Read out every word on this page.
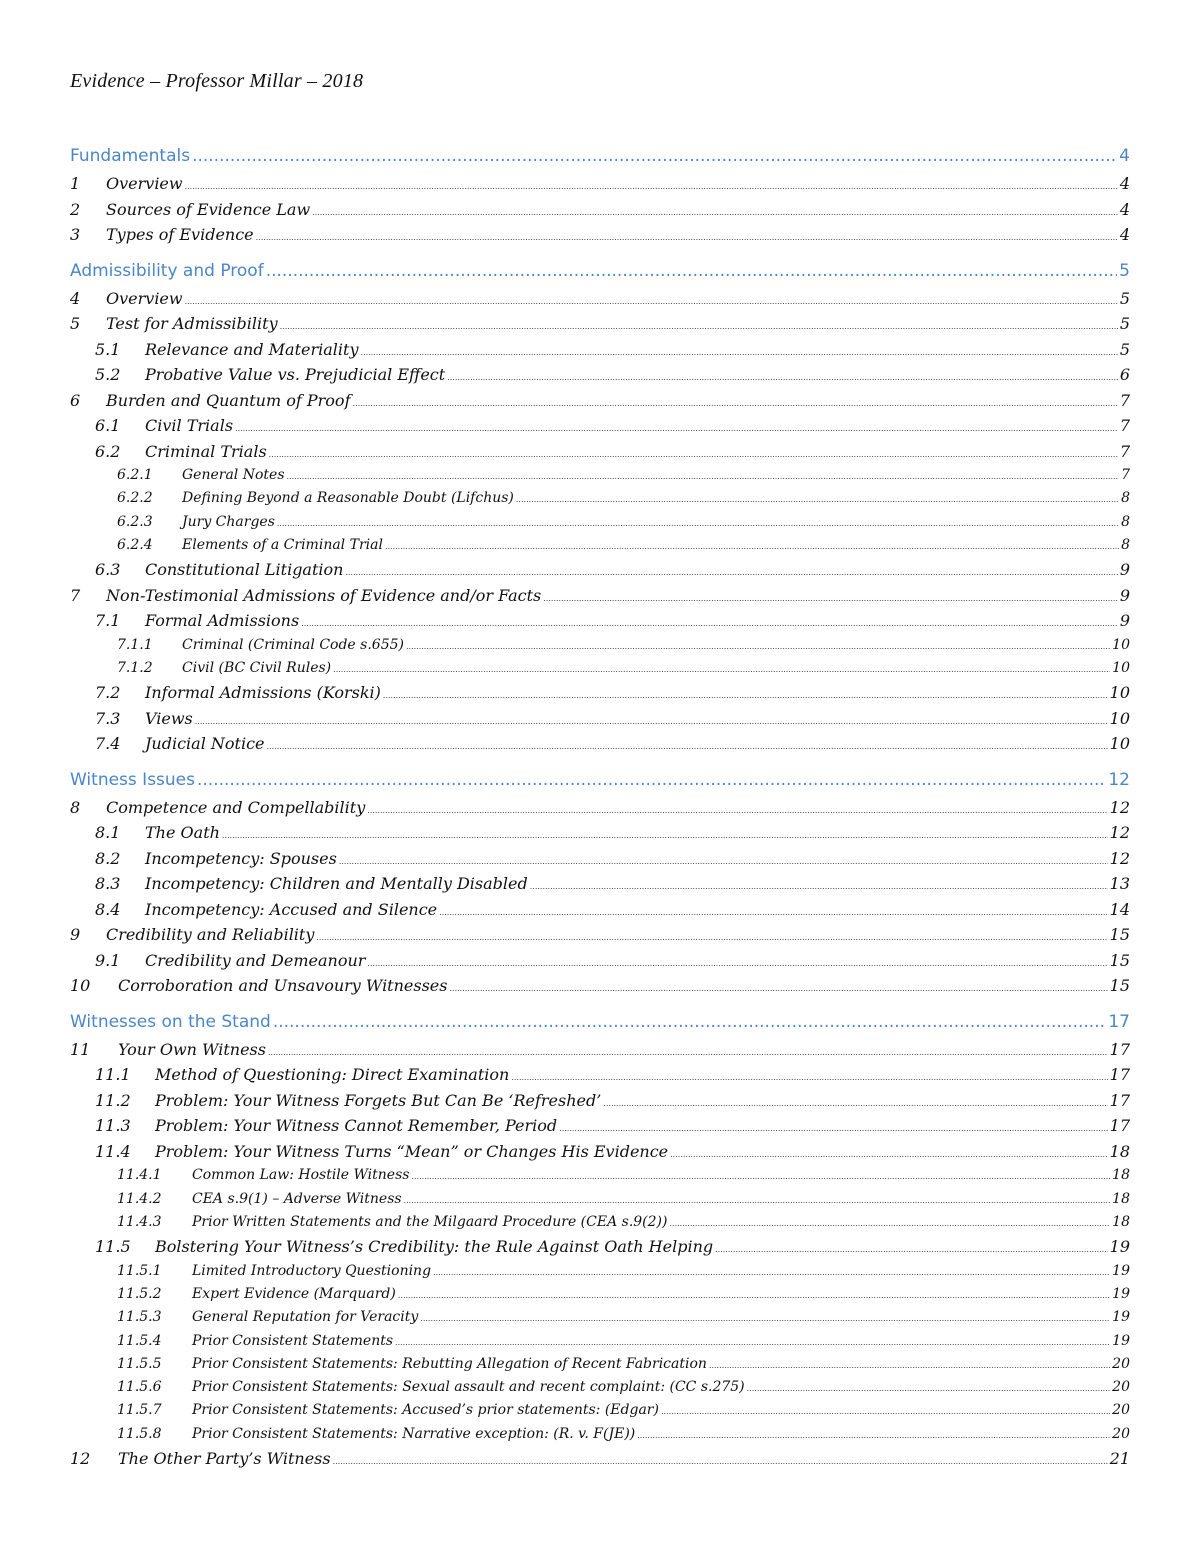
Evidence – Professor Millar – 2018
Fundamentals .....	4
1	Overview .....	4
2	Sources of Evidence Law .....	4
3	Types of Evidence .....	4
Admissibility and Proof .....	5
4	Overview .....	5
5	Test for Admissibility .....	5
5.1	Relevance and Materiality .....	5
5.2	Probative Value vs. Prejudicial Effect .....	6
6	Burden and Quantum of Proof .....	7
6.1	Civil Trials .....	7
6.2	Criminal Trials .....	7
6.2.1	General Notes .....	7
6.2.2	Defining Beyond a Reasonable Doubt (Lifchus) .....	8
6.2.3	Jury Charges .....	8
6.2.4	Elements of a Criminal Trial .....	8
6.3	Constitutional Litigation .....	9
7	Non-Testimonial Admissions of Evidence and/or Facts .....	9
7.1	Formal Admissions .....	9
7.1.1	Criminal (Criminal Code s.655) .....	10
7.1.2	Civil (BC Civil Rules) .....	10
7.2	Informal Admissions (Korski) .....	10
7.3	Views .....	10
7.4	Judicial Notice .....	10
Witness Issues .....	12
8	Competence and Compellability .....	12
8.1	The Oath .....	12
8.2	Incompetency: Spouses .....	12
8.3	Incompetency: Children and Mentally Disabled .....	13
8.4	Incompetency: Accused and Silence .....	14
9	Credibility and Reliability .....	15
9.1	Credibility and Demeanour .....	15
10	Corroboration and Unsavoury Witnesses .....	15
Witnesses on the Stand .....	17
11	Your Own Witness .....	17
11.1	Method of Questioning: Direct Examination .....	17
11.2	Problem: Your Witness Forgets But Can Be ‘Refreshed’ .....	17
11.3	Problem: Your Witness Cannot Remember, Period .....	17
11.4	Problem: Your Witness Turns “Mean” or Changes His Evidence .....	18
11.4.1	Common Law: Hostile Witness .....	18
11.4.2	CEA s.9(1) – Adverse Witness .....	18
11.4.3	Prior Written Statements and the Milgaard Procedure (CEA s.9(2)) .....	18
11.5	Bolstering Your Witness’s Credibility: the Rule Against Oath Helping .....	19
11.5.1	Limited Introductory Questioning .....	19
11.5.2	Expert Evidence (Marquard) .....	19
11.5.3	General Reputation for Veracity .....	19
11.5.4	Prior Consistent Statements .....	19
11.5.5	Prior Consistent Statements: Rebutting Allegation of Recent Fabrication .....	20
11.5.6	Prior Consistent Statements: Sexual assault and recent complaint: (CC s.275) .....	20
11.5.7	Prior Consistent Statements: Accused’s prior statements: (Edgar) .....	20
11.5.8	Prior Consistent Statements: Narrative exception: (R. v. F(JE)) .....	20
12	The Other Party’s Witness .....	21
